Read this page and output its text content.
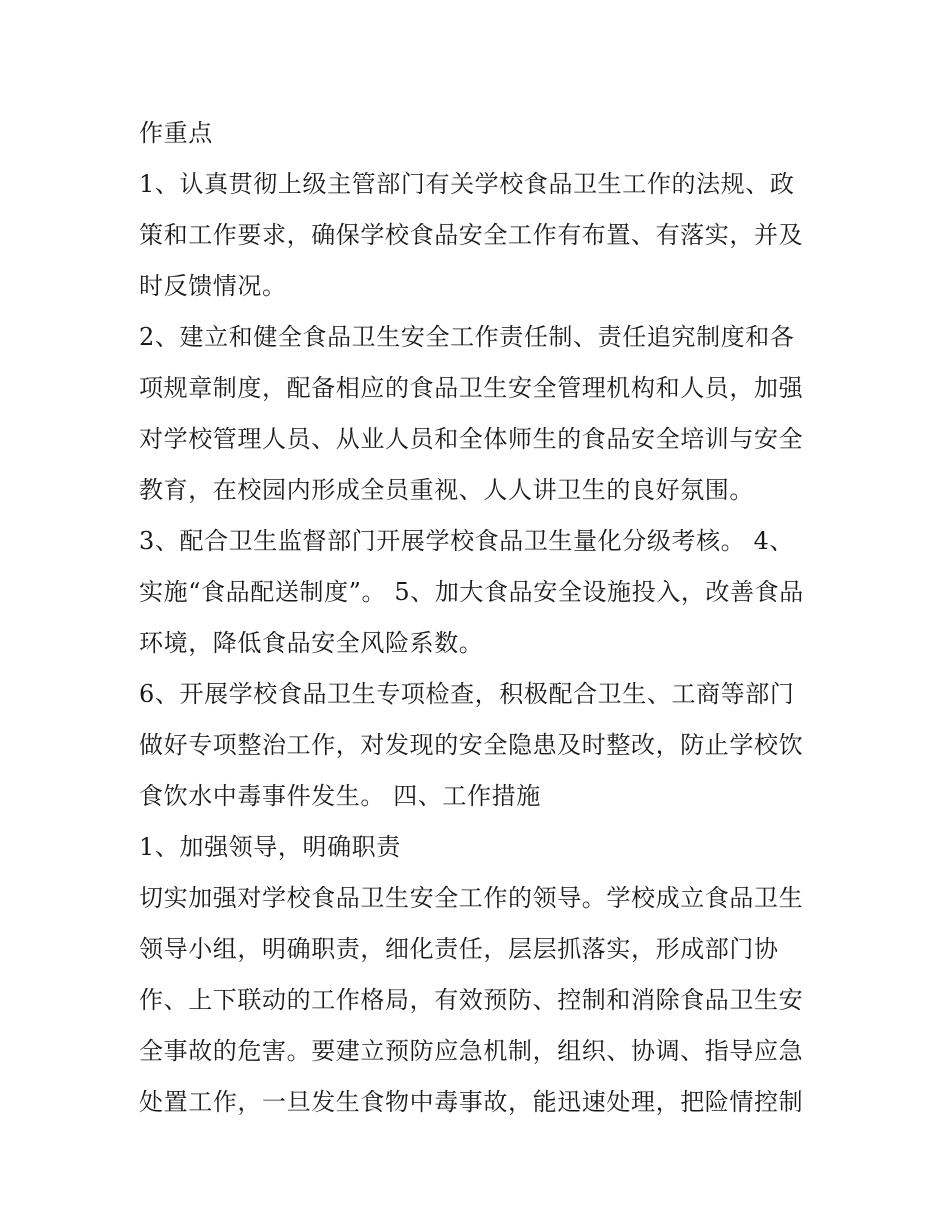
作重点
1、认真贯彻上级主管部门有关学校食品卫生工作的法规、政
策和工作要求，确保学校食品安全工作有布置、有落实，并及
时反馈情况。
2、建立和健全食品卫生安全工作责任制、责任追究制度和各
项规章制度，配备相应的食品卫生安全管理机构和人员，加强
对学校管理人员、从业人员和全体师生的食品安全培训与安全
教育，在校园内形成全员重视、人人讲卫生的良好氛围。
3、配合卫生监督部门开展学校食品卫生量化分级考核。 4、
实施“食品配送制度”。 5、加大食品安全设施投入，改善食品
环境，降低食品安全风险系数。
6、开展学校食品卫生专项检查，积极配合卫生、工商等部门
做好专项整治工作，对发现的安全隐患及时整改，防止学校饮
食饮水中毒事件发生。 四、工作措施
1、加强领导，明确职责
切实加强对学校食品卫生安全工作的领导。学校成立食品卫生
领导小组，明确职责，细化责任，层层抓落实，形成部门协
作、上下联动的工作格局，有效预防、控制和消除食品卫生安
全事故的危害。要建立预防应急机制，组织、协调、指导应急
处置工作，一旦发生食物中毒事故，能迅速处理，把险情控制
